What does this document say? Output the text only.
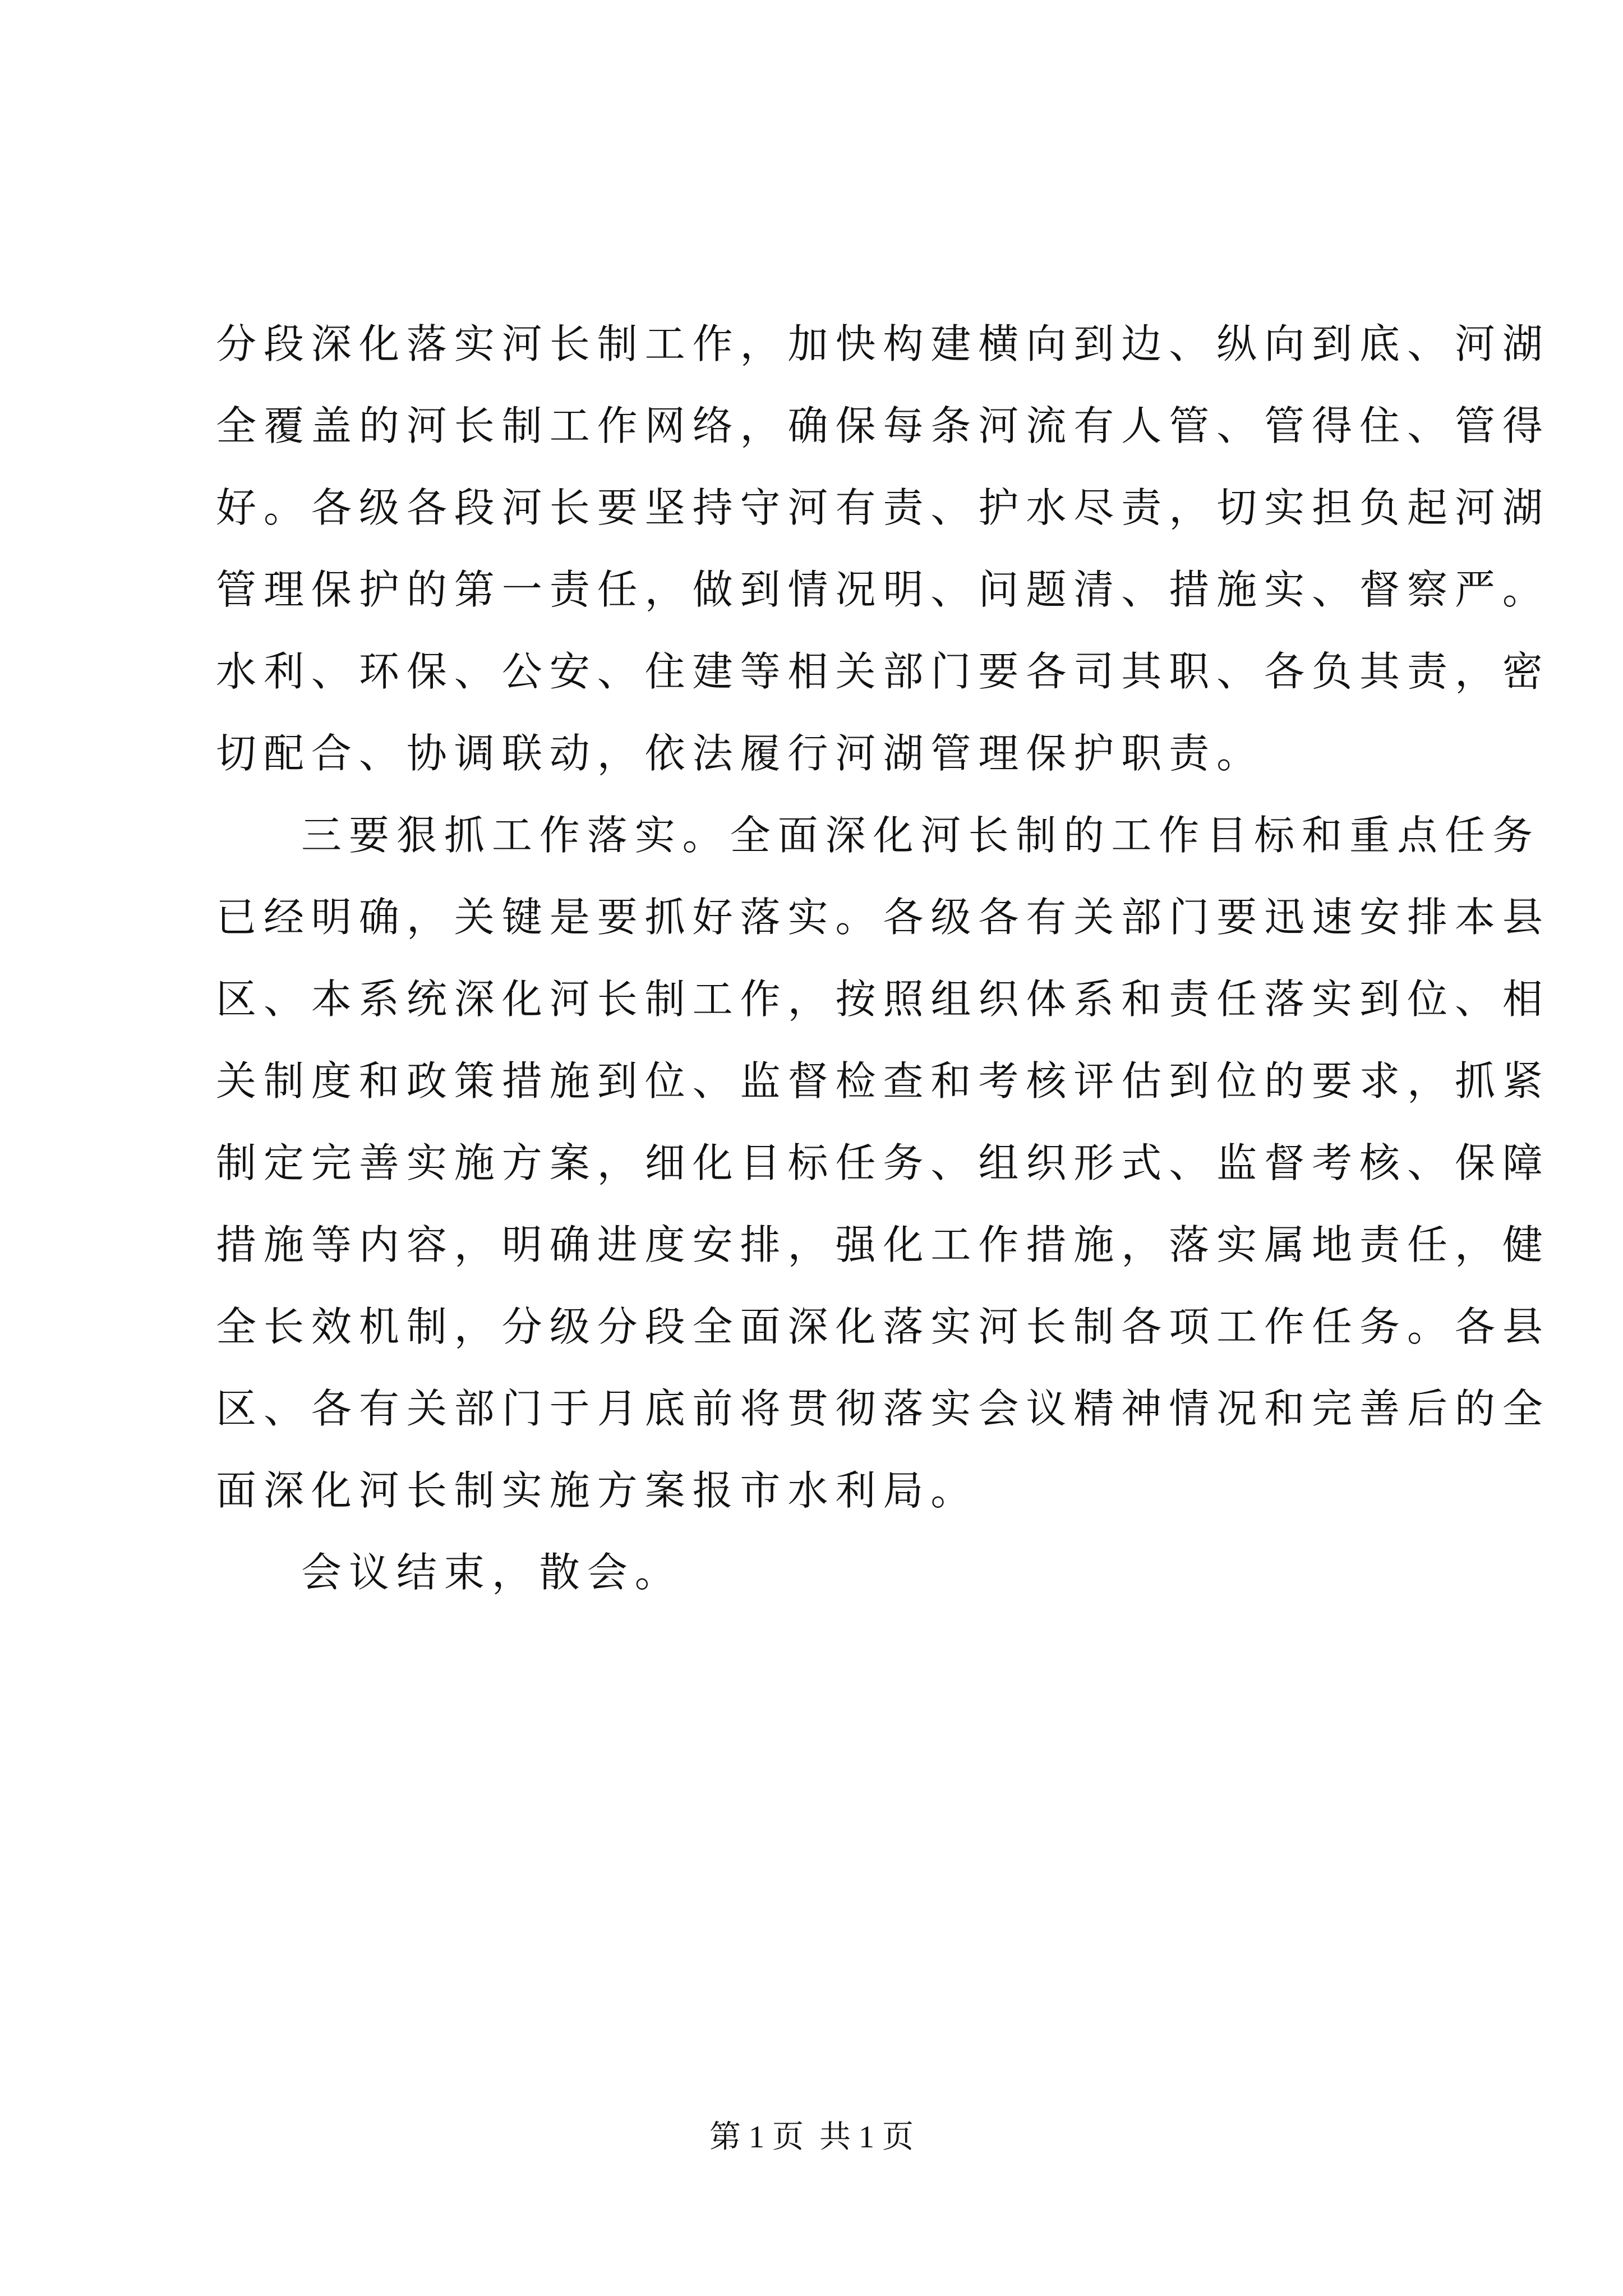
分段深化落实河长制工作，加快构建横向到边、纵向到底、河湖
全覆盖的河长制工作网络，确保每条河流有人管、管得住、管得
好。各级各段河长要坚持守河有责、护水尽责，切实担负起河湖
管理保护的第一责任，做到情况明、问题清、措施实、督察严。
水利、环保、公安、住建等相关部门要各司其职、各负其责，密
切配合、协调联动，依法履行河湖管理保护职责。
三要狠抓工作落实。全面深化河长制的工作目标和重点任务
已经明确，关键是要抓好落实。各级各有关部门要迅速安排本县
区、本系统深化河长制工作，按照组织体系和责任落实到位、相
关制度和政策措施到位、监督检查和考核评估到位的要求，抓紧
制定完善实施方案，细化目标任务、组织形式、监督考核、保障
措施等内容，明确进度安排，强化工作措施，落实属地责任，健
全长效机制，分级分段全面深化落实河长制各项工作任务。各县
区、各有关部门于月底前将贯彻落实会议精神情况和完善后的全
面深化河长制实施方案报市水利局。
会议结束，散会。
第 1 页  共 1 页
